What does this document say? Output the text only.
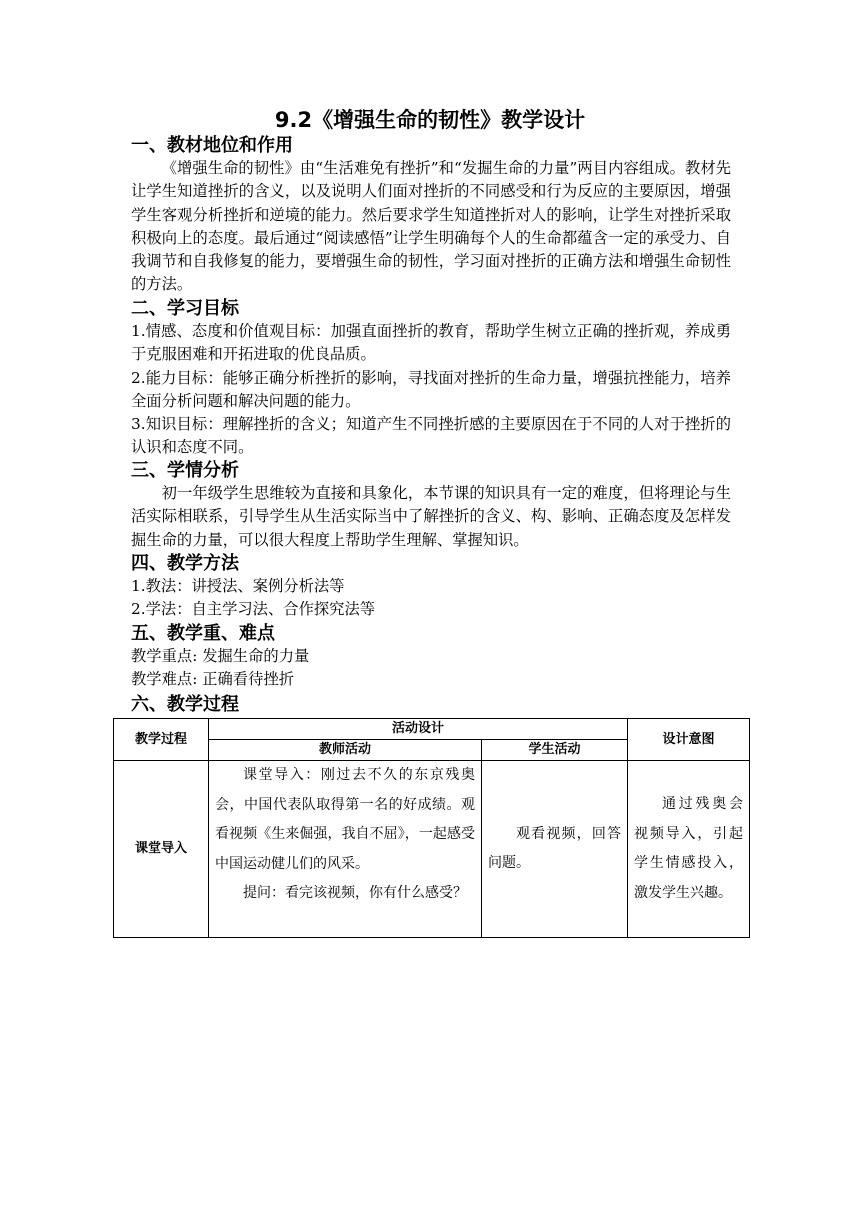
9.2《增强生命的韧性》教学设计
一、教材地位和作用

《增强生命的韧性》由“生活难免有挫折”和“发掘生命的力量”两目内容组成。教材先让学生知道挫折的含义，以及说明人们面对挫折的不同感受和行为反应的主要原因，增强学生客观分析挫折和逆境的能力。然后要求学生知道挫折对人的影响，让学生对挫折采取积极向上的态度。最后通过“阅读感悟”让学生明确每个人的生命都蕴含一定的承受力、自我调节和自我修复的能力，要增强生命的韧性，学习面对挫折的正确方法和增强生命韧性的方法。

二、学习目标

1.情感、态度和价值观目标：加强直面挫折的教育，帮助学生树立正确的挫折观，养成勇于克服困难和开拓进取的优良品质。

2.能力目标：能够正确分析挫折的影响，寻找面对挫折的生命力量，增强抗挫能力，培养全面分析问题和解决问题的能力。

3.知识目标：理解挫折的含义；知道产生不同挫折感的主要原因在于不同的人对于挫折的认识和态度不同。

三、学情分析

初一年级学生思维较为直接和具象化，本节课的知识具有一定的难度，但将理论与生活实际相联系，引导学生从生活实际当中了解挫折的含义、构、影响、正确态度及怎样发掘生命的力量，可以很大程度上帮助学生理解、掌握知识。

四、教学方法
1.教法：讲授法、案例分析法等
2.学法：自主学习法、合作探究法等
五、教学重、难点
教学重点: 发掘生命的力量
教学难点: 正确看待挫折
六、教学过程
教学过程	活动设计		设计意图
	教师活动	学生活动	
课堂导入	课堂导入：刚过去不久的东京残奥会，中国代表队取得第一名的好成绩。观看视频《生来倔强，我自不屈》，一起感受中国运动健儿们的风采。

提问：看完该视频，你有什么感受？	观看视频，回答问题。	通过残奥会视频导入，引起学生情感投入，激发学生兴趣。
